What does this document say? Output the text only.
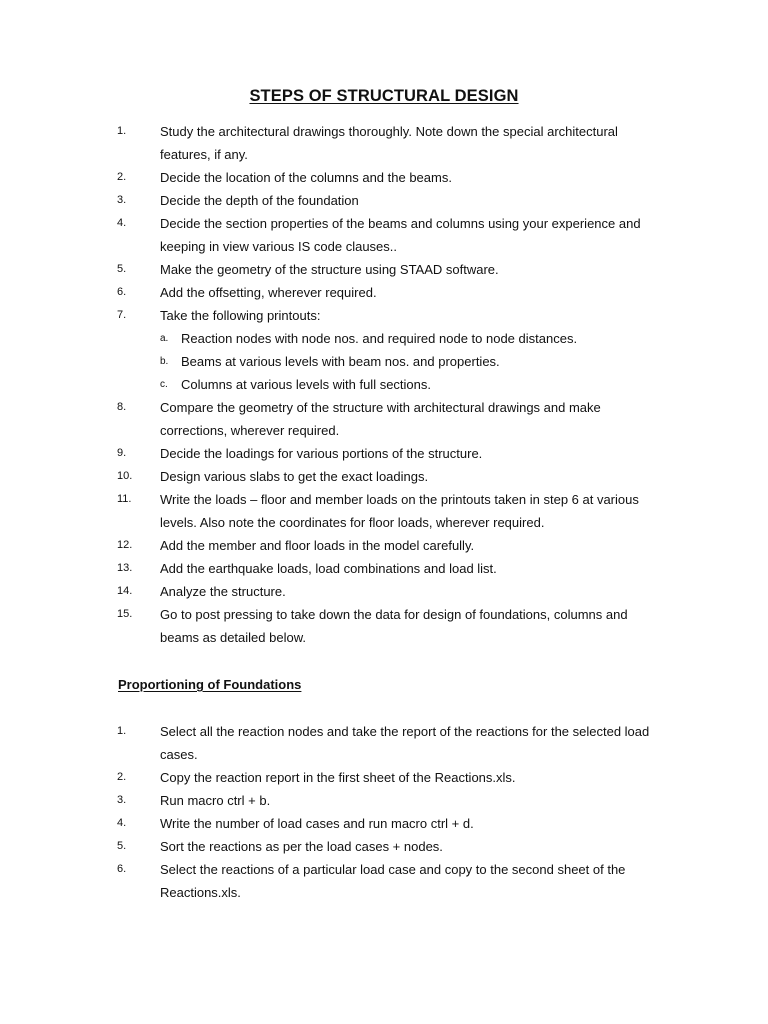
STEPS OF STRUCTURAL DESIGN
1.	Study the architectural drawings thoroughly. Note down the special architectural
features, if any.
2.	Decide the location of the columns and the beams.
3.	Decide the depth of the foundation
4.	Decide the section properties of the beams and columns using your experience and
keeping in view various IS code clauses..
5.	Make the geometry of the structure using STAAD software.
6.	Add the offsetting, wherever required.
7.	Take the following printouts:
a. Reaction nodes with node nos. and required node to node distances.
b. Beams at various levels with beam nos. and properties.
c. Columns at various levels with full sections.
8.	Compare the geometry of the structure with architectural drawings and make
corrections, wherever required.
9.	Decide the loadings for various portions of the structure.
10. Design various slabs to get the exact loadings.
11. Write the loads – floor and member loads on the printouts taken in step 6 at various
levels. Also note the coordinates for floor loads, wherever required.
12. Add the member and floor loads in the model carefully.
13. Add the earthquake loads, load combinations and load list.
14. Analyze the structure.
15. Go to post pressing to take down the data for design of foundations, columns and
beams as detailed below.
Proportioning of Foundations
1.	Select all the reaction nodes and take the report of the reactions for the selected load
cases.
2.	Copy the reaction report in the first sheet of the Reactions.xls.
3.	Run macro ctrl + b.
4.	Write the number of load cases and run macro ctrl + d.
5.	Sort the reactions as per the load cases + nodes.
6.	Select the reactions of a particular load case and copy to the second sheet of the
Reactions.xls.
